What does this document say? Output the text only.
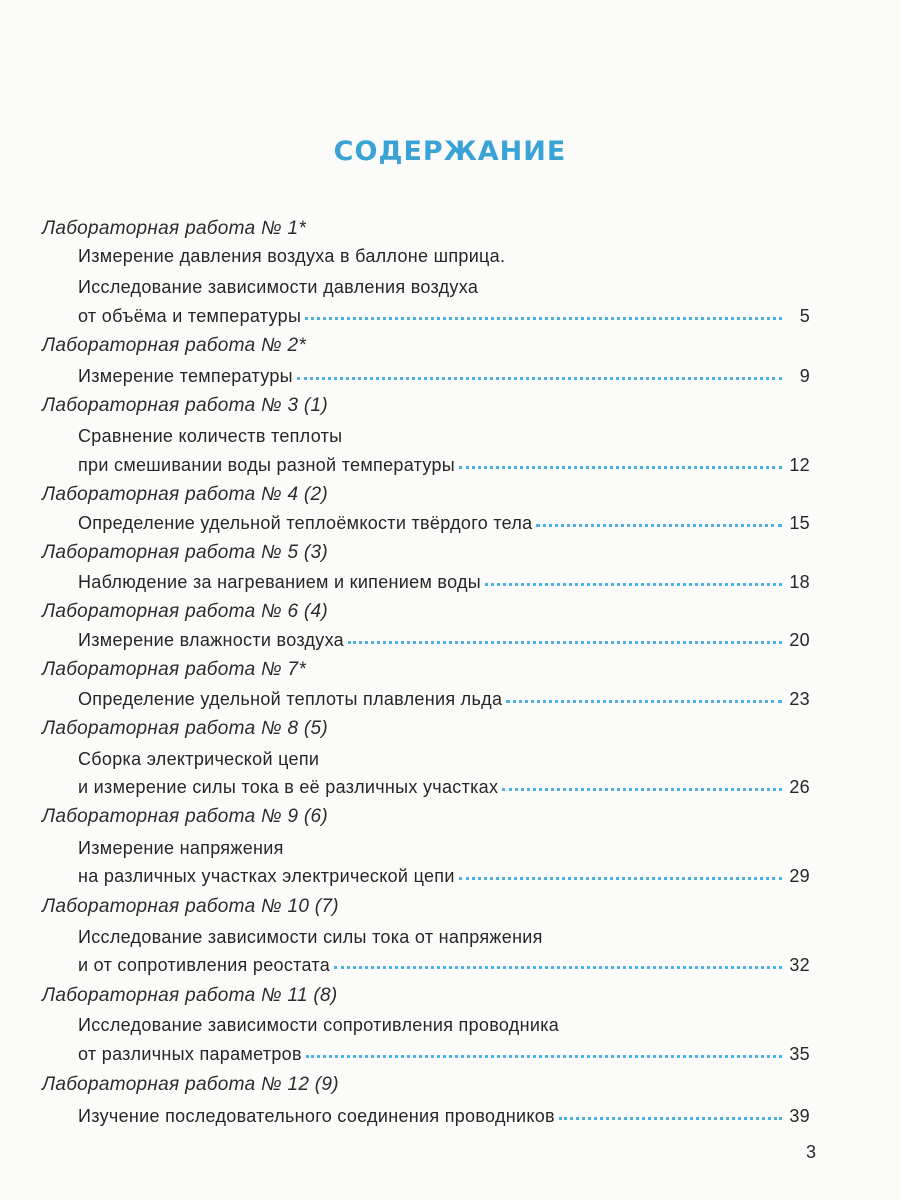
СОДЕРЖАНИЕ
Лабораторная работа № 1*
Измерение давления воздуха в баллоне шприца.
Исследование зависимости давления воздуха
от объёма и температуры	5
Лабораторная работа № 2*
Измерение температуры	9
Лабораторная работа № 3 (1)
Сравнение количеств теплоты
при смешивании воды разной температуры	12
Лабораторная работа № 4 (2)
Определение удельной теплоёмкости твёрдого тела	15
Лабораторная работа № 5 (3)
Наблюдение за нагреванием и кипением воды	18
Лабораторная работа № 6 (4)
Измерение влажности воздуха	20
Лабораторная работа № 7*
Определение удельной теплоты плавления льда	23
Лабораторная работа № 8 (5)
Сборка электрической цепи
и измерение силы тока в её различных участках	26
Лабораторная работа № 9 (6)
Измерение напряжения
на различных участках электрической цепи	29
Лабораторная работа № 10 (7)
Исследование зависимости силы тока от напряжения
и от сопротивления реостата	32
Лабораторная работа № 11 (8)
Исследование зависимости сопротивления проводника
от различных параметров	35
Лабораторная работа № 12 (9)
Изучение последовательного соединения проводников	39
3
